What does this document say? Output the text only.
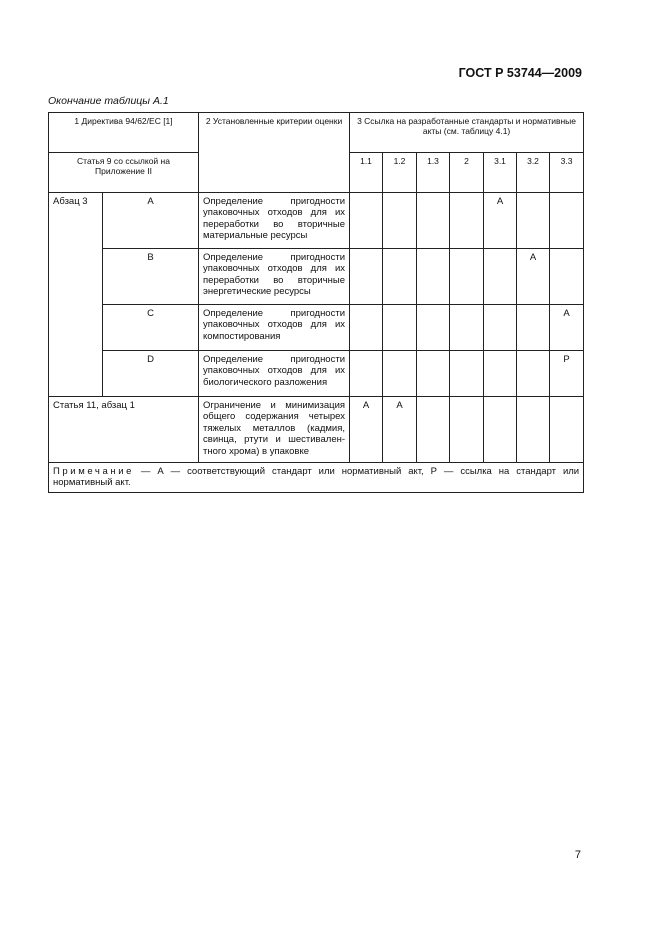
ГОСТ Р 53744—2009
Окончание таблицы А.1
1 Директива 94/62/ЕС [1]		2 Установленные критерии оценки	3 Ссылка на разработанные стандарты и нормативные акты (см. таблицу 4.1)						
Статья 9 со ссылкой на Приложение II			1.1	1.2	1.3	2	3.1	3.2	3.3
Абзац 3	А	Определение пригодности упаковочных отходов для их переработки во вторичные материальные ресурсы					А		
	В	Определение пригодности упаковочных отходов для их переработки во вторичные энергетические ресурсы						А	
	С	Определение пригодности упаковочных отходов для их компостирования							А
	D	Определение пригодности упаковочных отходов для их биологического разложения							Р
Статья 11, абзац 1		Ограничение и минимизация общего содержания четырех тяжелых металлов (кадмия, свинца, ртути и шестивален-тного хрома) в упаковке	А	А					
Примечание — А — соответствующий стандарт или нормативный акт, Р — ссылка на стандарт или нормативный акт.									
7
